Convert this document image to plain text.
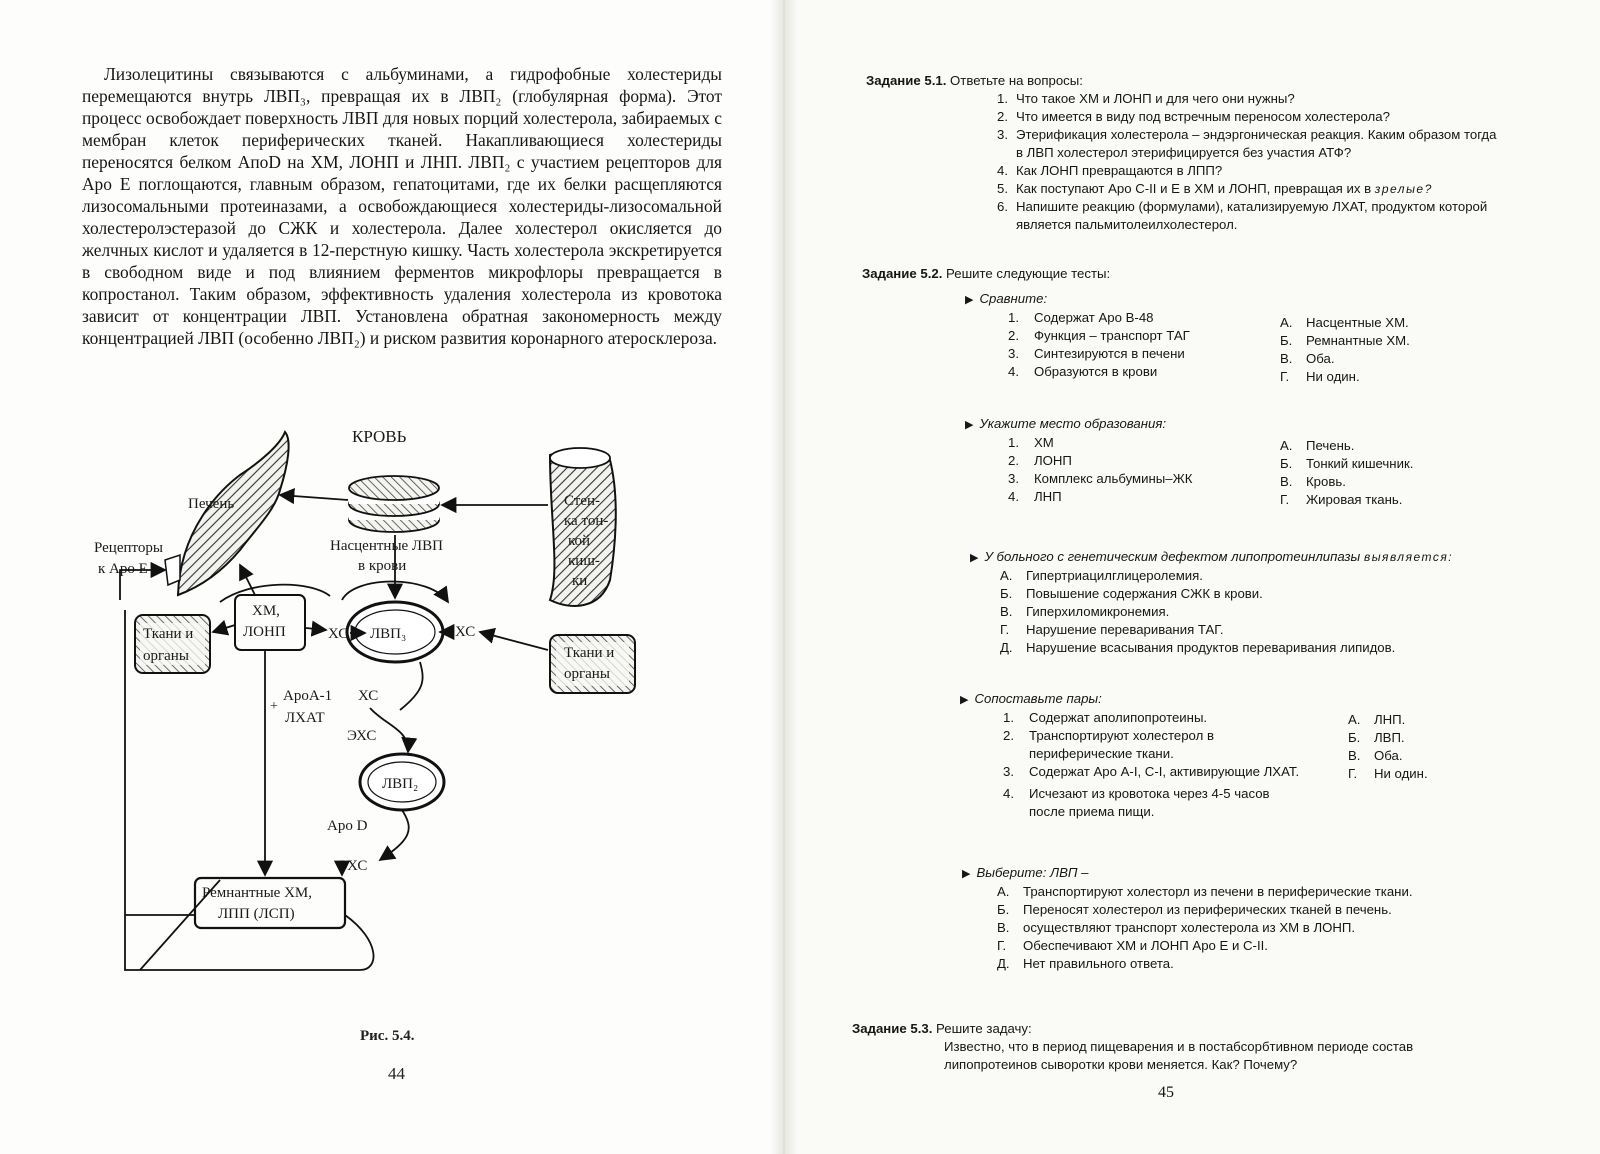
Лизолецитины связываются с альбуминами, а гидрофобные холестериды перемещаются внутрь ЛВП₃, превращая их в ЛВП₂ (глобулярная форма). Этот процесс освобождает поверхность ЛВП для новых порций холестерола, забираемых с мембран клеток периферических тканей. Накапливающиеся холестериды переносятся белком АпоD на ХМ, ЛОНП и ЛНП. ЛВП₂ с участием рецепторов для Аро Е поглощаются, главным образом, гепатоцитами, где их белки расщепляются лизосомальными протеиназами, а освобождающиеся холестериды-лизосомальной холестеролэстеразой до СЖК и холестерола. Далее холестерол окисляется до желчных кислот и удаляется в 12-перстную кишку. Часть холестерола экскретируется в свободном виде и под влиянием ферментов микрофлоры превращается в копростанол. Таким образом, эффективность удаления холестерола из кровотока зависит от концентрации ЛВП. Установлена обратная закономерность между концентрацией ЛВП (особенно ЛВП₂) и риском развития коронарного атеросклероза.

Печень
Рецепторы
к Аро Е
КРОВЬ
Насцентные ЛВП
в крови
Стен-
ка тон-
кой
киш-
ки
Ткани и
органы
ХМ,
ЛОНП	ЛВП₃
ХС	ХС
Ткани и
органы
+
АроА-1
ЛХАТ
ХС
ЭХС
ЛВП₂
Аро D
ЭХС
Ремнантные ХМ,
ЛПП (ЛСП)
Рис. 5.4.
44
Задание 5.1. Ответьте на вопросы:
1. Что такое ХМ и ЛОНП и для чего они нужны?
2. Что имеется в виду под встречным переносом холестерола?
3. Этерификация холестерола – эндэргоническая реакция. Каким образом тогда в ЛВП холестерол этерифицируется без участия АТФ?
4. Как ЛОНП превращаются в ЛПП?
5. Как поступают Аро С-II и Е в ХМ и ЛОНП, превращая их в зрелые?
6. Напишите реакцию (формулами), катализируемую ЛХАТ, продуктом которой является пальмитолеилхолестерол.
Задание 5.2. Решите следующие тесты:
▶ Сравните:
1. Содержат Аро В-48
2. Функция – транспорт ТАГ
3. Синтезируются в печени
4. Образуются в крови
А. Насцентные ХМ.
Б. Ремнантные ХМ.
В. Оба.
Г. Ни один.
▶ Укажите место образования:
1. ХМ
2. ЛОНП
3. Комплекс альбумины–ЖК
4. ЛНП
А. Печень.
Б. Тонкий кишечник.
В. Кровь.
Г. Жировая ткань.
▶ У больного с генетическим дефектом липопротеинлипазы выявляется:
А. Гипертриацилглицеролемия.
Б. Повышение содержания СЖК в крови.
В. Гиперхиломикронемия.
Г. Нарушение переваривания ТАГ.
Д. Нарушение всасывания продуктов переваривания липидов.
▶ Сопоставьте пары:
1. Содержат аполипопротеины.
2. Транспортируют холестерол в периферические ткани.
3. Содержат Аро А-I, С-I, активирующие ЛХАТ.
4. Исчезают из кровотока через 4-5 часов после приема пищи.
А. ЛНП.
Б. ЛВП.
В. Оба.
Г. Ни один.
▶ Выберите: ЛВП –
А. Транспортируют холесторл из печени в периферические ткани.
Б. Переносят холестерол из периферических тканей в печень.
В. осуществляют транспорт холестерола из ХМ в ЛОНП.
Г. Обеспечивают ХМ и ЛОНП Аро Е и С-II.
Д. Нет правильного ответа.
Задание 5.3. Решите задачу:
Известно, что в период пищеварения и в постабсорбтивном периоде состав липопротеинов сыворотки крови меняется. Как? Почему?
45
